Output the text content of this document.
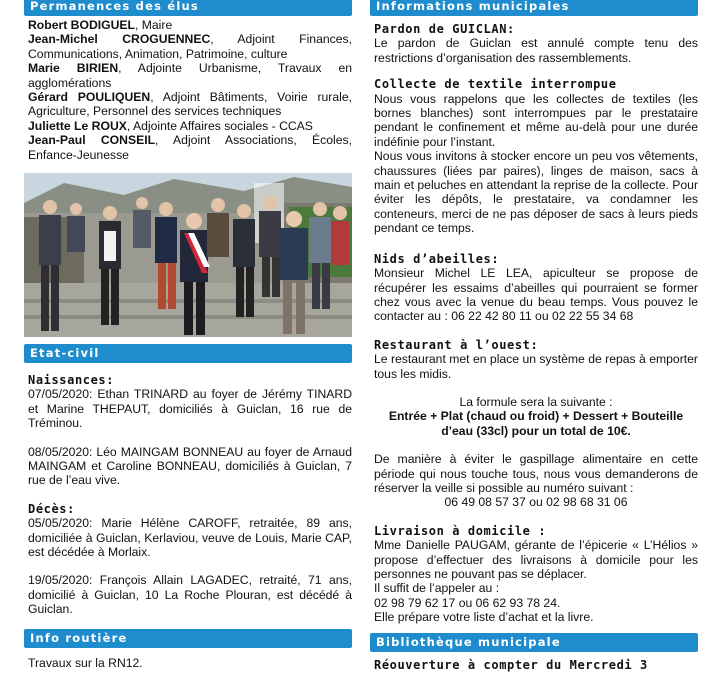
Permanences des élus

Robert BODIGUEL, Maire

Jean-Michel CROGUENNEC, Adjoint Finances, Communications, Animation, Patrimoine, culture

Marie BIRIEN, Adjointe Urbanisme, Travaux en agglomérations

Gérard POULIQUEN, Adjoint Bâtiments, Voirie rurale, Agriculture, Personnel des services techniques

Juliette Le ROUX, Adjointe Affaires sociales - CCAS

Jean-Paul CONSEIL, Adjoint Associations, Écoles, Enfance-Jeunesse

Etat-civil

Naissances:

07/05/2020: Ethan TRINARD au foyer de Jérémy TINARD et Marine THEPAUT, domiciliés à Guiclan, 16 rue de Tréminou.

08/05/2020: Léo MAINGAM BONNEAU au foyer de Arnaud MAINGAM et Caroline BONNEAU, domiciliés à Guiclan, 7 rue de l’eau vive.

Décès:

05/05/2020: Marie Hélène CAROFF, retraitée, 89 ans, domiciliée à Guiclan, Kerlaviou, veuve de Louis, Marie CAP, est décédée à Morlaix.

19/05/2020: François Allain LAGADEC, retraité, 71 ans, domicilié à Guiclan, 10 La Roche Plouran, est décédé à Guiclan.

Info routière
Travaux sur la RN12.
Informations municipales

Pardon de GUICLAN:

Le pardon de Guiclan est annulé compte tenu des restrictions d’organisation des rassemblements.

Collecte de textile interrompue

Nous vous rappelons que les collectes de textiles (les bornes blanches) sont interrompues par le prestataire pendant le confinement et même au-delà pour une durée indéfinie pour l’instant.

Nous vous invitons à stocker encore un peu vos vêtements, chaussures (liées par paires), linges de maison, sacs à main et peluches en attendant la reprise de la collecte. Pour éviter les dépôts, le prestataire, va condamner les conteneurs, merci de ne pas déposer de sacs à leurs pieds pendant ce temps.

Nids d’abeilles:

Monsieur Michel LE LEA, apiculteur se propose de récupérer les essaims d’abeilles qui pourraient se former chez vous avec la venue du beau temps. Vous pouvez le contacter au : 06 22 42 80 11 ou 02 22 55 34 68

Restaurant à l’ouest:

Le restaurant met en place un système de repas à emporter tous les midis.

La formule sera la suivante :

Entrée + Plat (chaud ou froid) + Dessert + Bouteille d’eau (33cl) pour un total de 10€.

De manière à éviter le gaspillage alimentaire en cette période qui nous touche tous, nous vous demanderons de réserver la veille si possible au numéro suivant :

06 49 08 57 37 ou 02 98 68 31 06

Livraison à domicile :

Mme Danielle PAUGAM, gérante de l’épicerie « L’Hélios » propose d’effectuer des livraisons à domicile pour les personnes ne pouvant pas se déplacer.

Il suffit de l’appeler au :

02 98 79 62 17 ou 06 62 93 78 24.

Elle prépare votre liste d’achat et la livre.

Bibliothèque municipale
Réouverture à compter du Mercredi 3
